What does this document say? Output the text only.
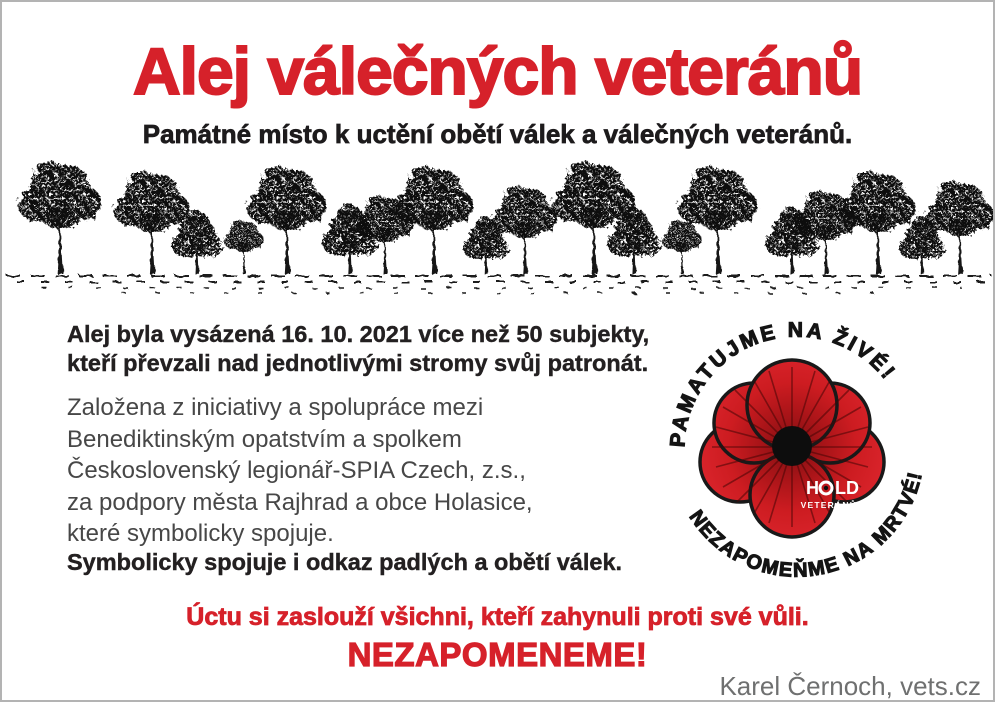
Alej válečných veteránů
Památné místo k uctění obětí válek a válečných veteránů.
Alej byla vysázená 16. 10. 2021 více než 50 subjekty,
kteří převzali nad jednotlivými stromy svůj patronát.
Založena z iniciativy a spolupráce mezi
Benediktinským opatstvím a spolkem
Československý legionář-SPIA Czech, z.s.,
za podpory města Rajhrad a obce Holasice,
které symbolicky spojuje.
Symbolicky spojuje i odkaz padlých a obětí válek.
Úctu si zaslouží všichni, kteří zahynuli proti své vůli.
NEZAPOMENEME!
Karel Černoch, vets.cz
PAMATUJME NA ŽIVÉ!
NEZAPOMEŇME NA MRTVÉ!
H LD
VETERÁNŮM
